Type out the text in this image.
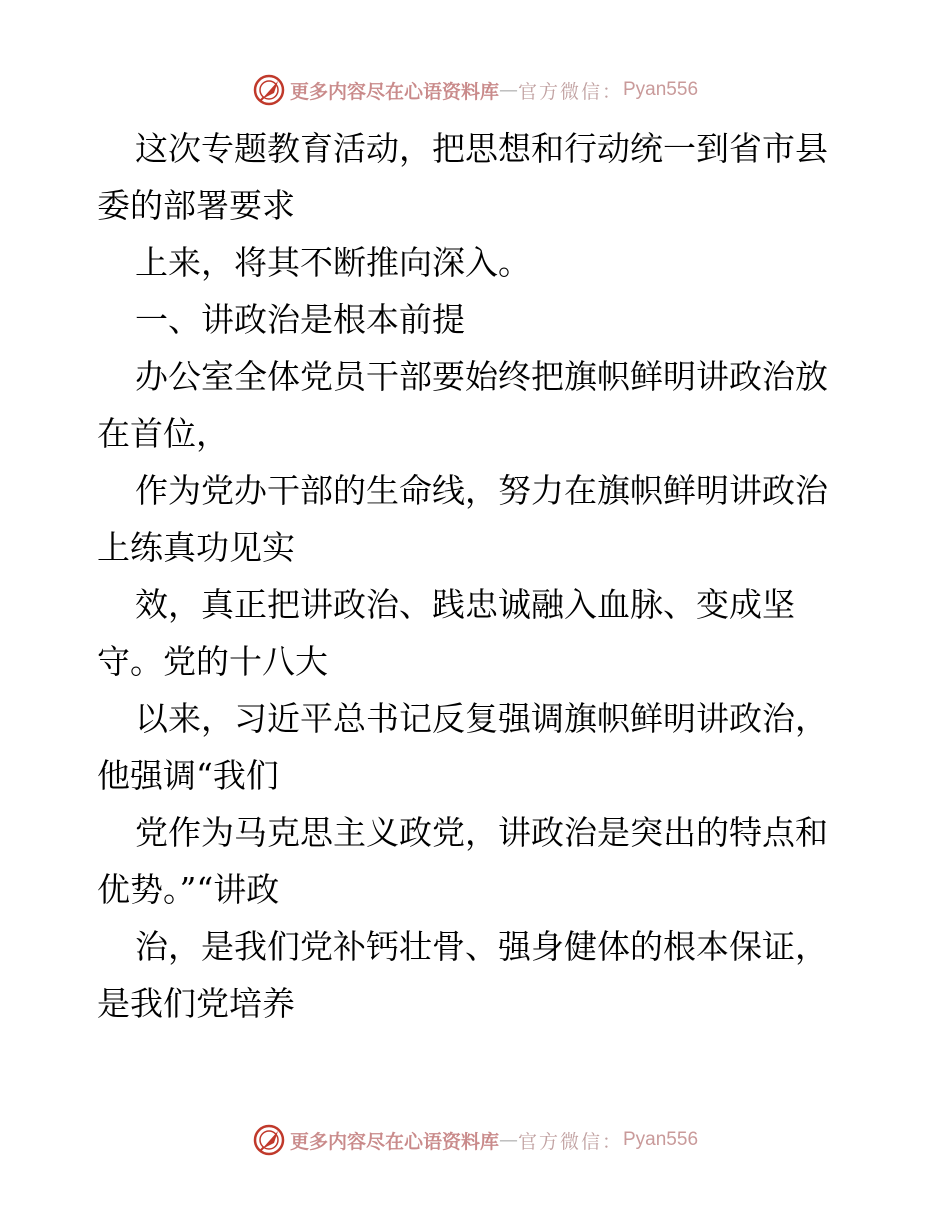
更多内容尽在心语资料库 — 官方微信： Pyan556

这次专题教育活动，把思想和行动统一到省市县委的部署要求

上来，将其不断推向深入。

一、讲政治是根本前提

办公室全体党员干部要始终把旗帜鲜明讲政治放在首位，

作为党办干部的生命线，努力在旗帜鲜明讲政治上练真功见实

效，真正把讲政治、践忠诚融入血脉、变成坚守。党的十八大

以来，习近平总书记反复强调旗帜鲜明讲政治，他强调“我们

党作为马克思主义政党，讲政治是突出的特点和优势。”“讲政

治，是我们党补钙壮骨、强身健体的根本保证，是我们党培养

更多内容尽在心语资料库 — 官方微信： Pyan556
